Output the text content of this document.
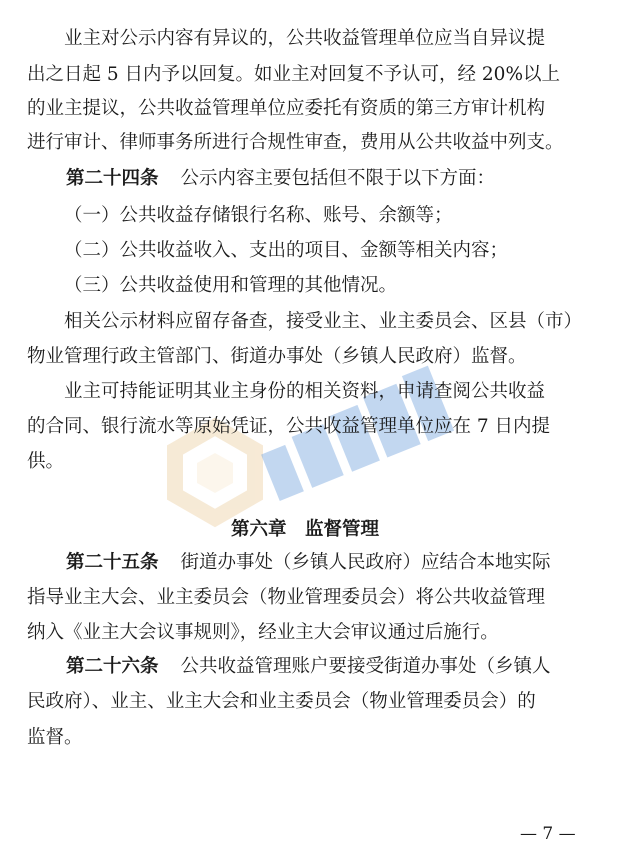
业主对公示内容有异议的，公共收益管理单位应当自异议提
出之日起 5 日内予以回复。如业主对回复不予认可，经 20%以上
的业主提议，公共收益管理单位应委托有资质的第三方审计机构
进行审计、律师事务所进行合规性审查，费用从公共收益中列支。
第二十四条 公示内容主要包括但不限于以下方面：
（一）公共收益存储银行名称、账号、余额等；
（二）公共收益收入、支出的项目、金额等相关内容；
（三）公共收益使用和管理的其他情况。
相关公示材料应留存备查，接受业主、业主委员会、区县（市）
物业管理行政主管部门、街道办事处（乡镇人民政府）监督。
业主可持能证明其业主身份的相关资料，申请查阅公共收益
的合同、银行流水等原始凭证，公共收益管理单位应在 7 日内提
供。
第六章　监督管理
第二十五条 街道办事处（乡镇人民政府）应结合本地实际
指导业主大会、业主委员会（物业管理委员会）将公共收益管理
纳入《业主大会议事规则》，经业主大会审议通过后施行。
第二十六条 公共收益管理账户要接受街道办事处（乡镇人
民政府）、业主、业主大会和业主委员会（物业管理委员会）的
监督。
— 7 —
